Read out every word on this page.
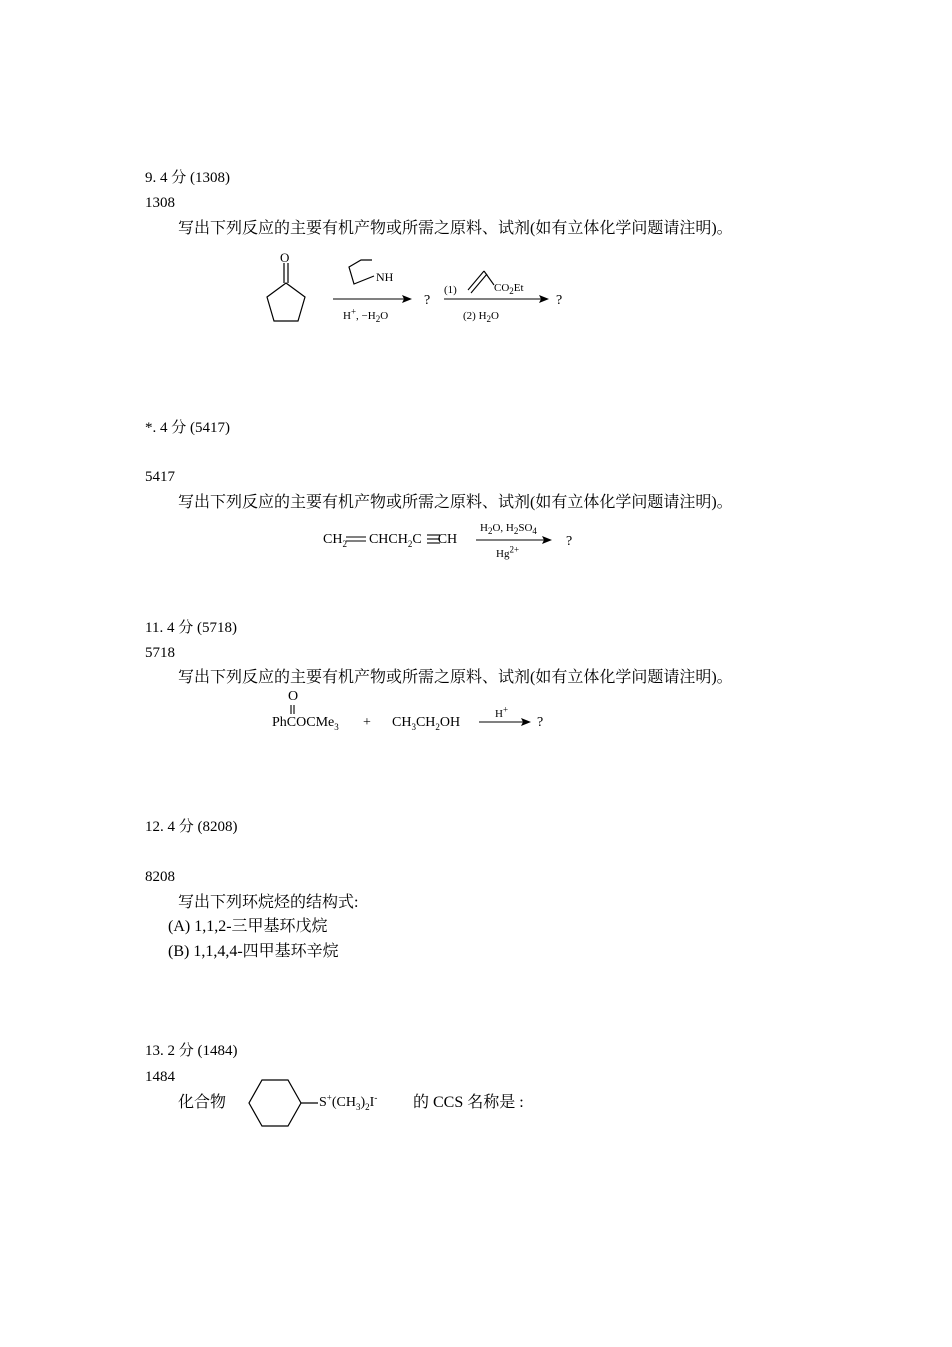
9. 4 分 (1308)
1308
写出下列反应的主要有机产物或所需之原料、试剂(如有立体化学问题请注明)。
O
NH
H+, $-H_2O$
?
(1)	$CO_2Et$
(2) $H_2O$
?
*. 4 分 (5417)
5417
写出下列反应的主要有机产物或所需之原料、试剂(如有立体化学问题请注明)。
$CH_2$ $CHCH_2C$ CH
$H_2O$, $H_2SO_4$
$Hg^{2+}$
?
11. 4 分 (5718)
5718
写出下列反应的主要有机产物或所需之原料、试剂(如有立体化学问题请注明)。
O
PhCOCMe$_3$ + $CH_3CH_2OH$
H+
?
12. 4 分 (8208)
8208
写出下列环烷烃的结构式:
(A) 1,1,2-三甲基环戊烷
(B) 1,1,4,4-四甲基环辛烷
13. 2 分 (1484)
1484
化合物	$S^+(CH_3)_2I^-$ 的 CCS 名称是 :
